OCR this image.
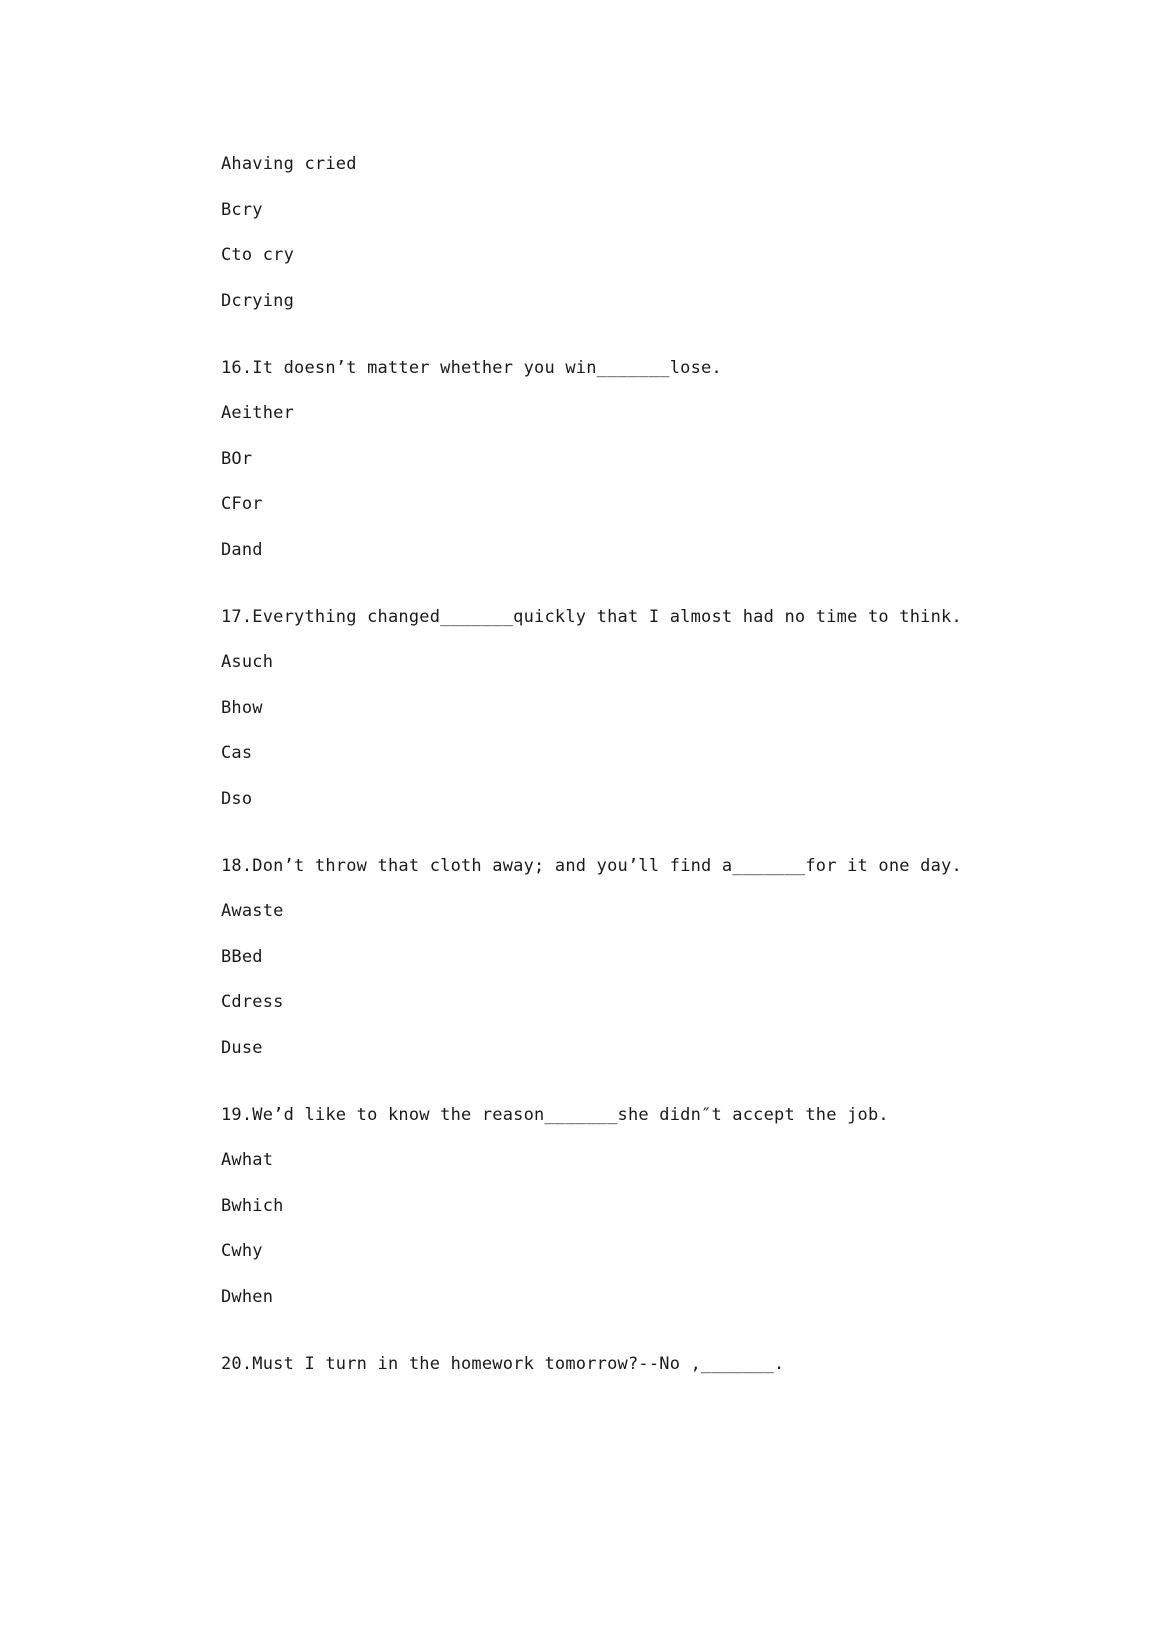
Ahaving cried
Bcry
Cto cry
Dcrying
16.It doesn’t matter whether you win_______lose.
Aeither
BOr
CFor
Dand
17.Everything changed_______quickly that I almost had no time to think.
Asuch
Bhow
Cas
Dso
18.Don’t throw that cloth away; and you’ll find a_______for it one day.
Awaste
BBed
Cdress
Duse
19.We’d like to know the reason_______she didn″t accept the job.
Awhat
Bwhich
Cwhy
Dwhen
20.Must I turn in the homework tomorrow?--No ,_______.
